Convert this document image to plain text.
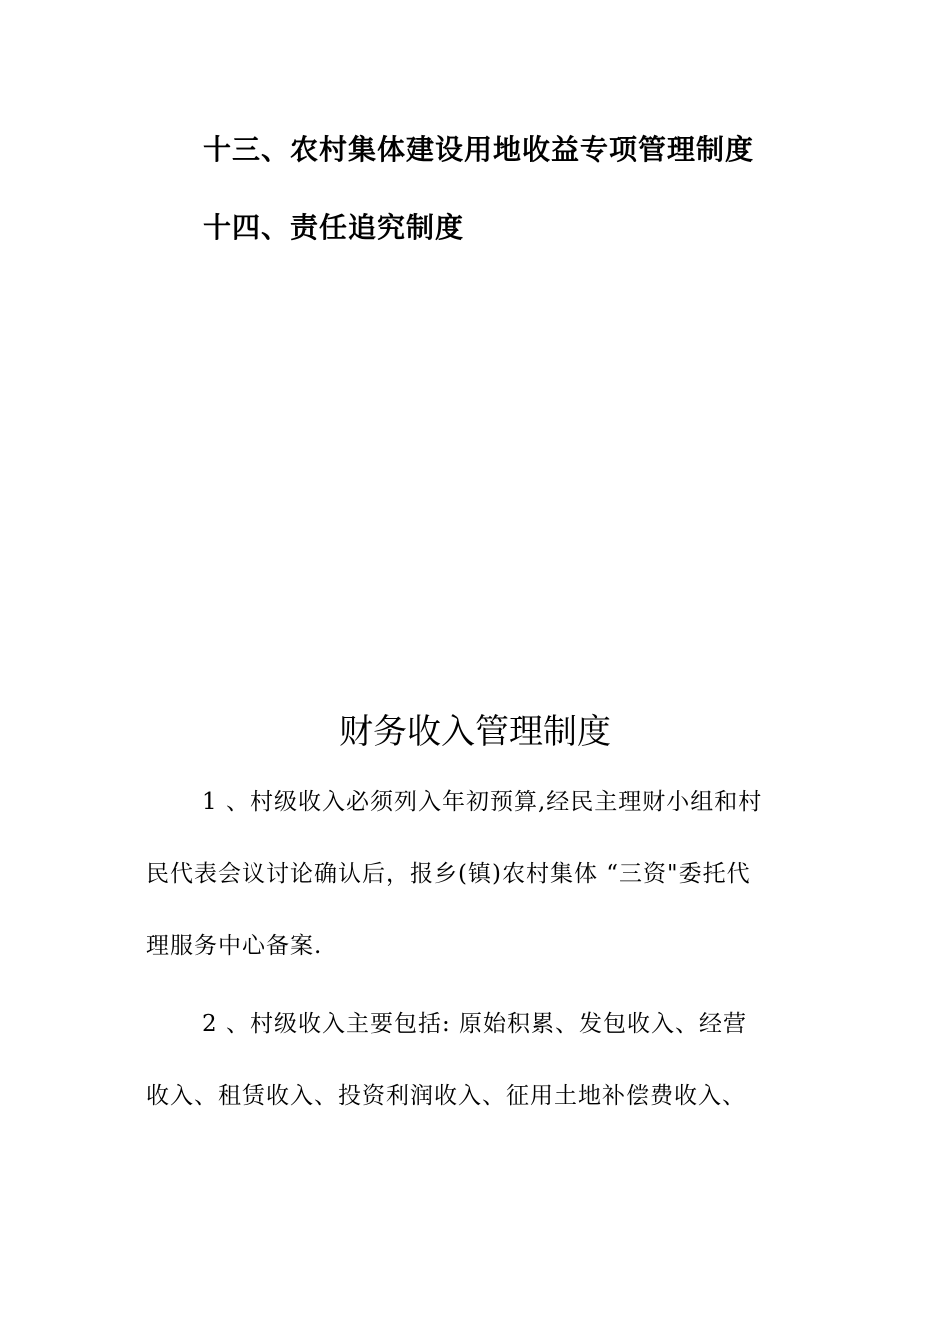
十三、农村集体建设用地收益专项管理制度
十四、责任追究制度
财务收入管理制度
1 、村级收入必须列入年初预算,经民主理财小组和村
民代表会议讨论确认后，报乡(镇)农村集体 “三资"委托代
理服务中心备案.
2 、村级收入主要包括: 原始积累、发包收入、经营
收入、租赁收入、投资利润收入、征用土地补偿费收入、
